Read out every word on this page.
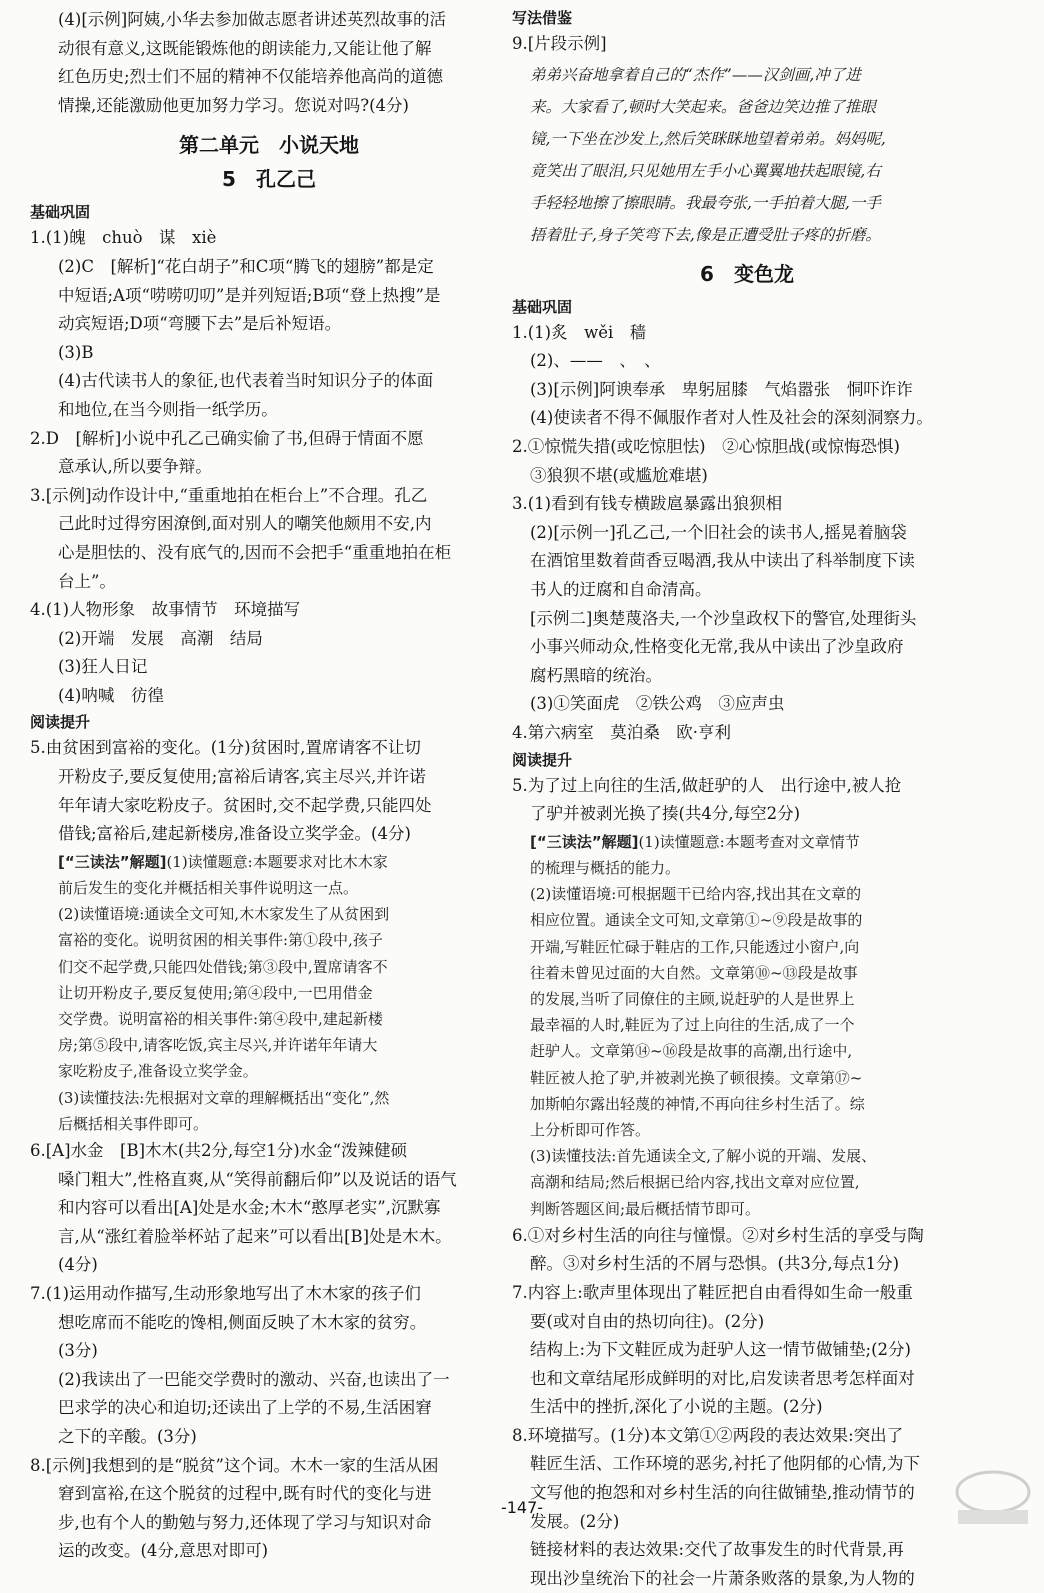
(4)[示例]阿姨,小华去参加做志愿者讲述英烈故事的活
动很有意义,这既能锻炼他的朗读能力,又能让他了解
红色历史;烈士们不屈的精神不仅能培养他高尚的道德
情操,还能激励他更加努力学习。您说对吗?(4分)
第二单元　小说天地
5　孔乙己
基础巩固
1.(1)魄　chuò　谋　xiè
(2)C　[解析]“花白胡子”和C项“腾飞的翅膀”都是定
中短语;A项“唠唠叨叨”是并列短语;B项“登上热搜”是
动宾短语;D项“弯腰下去”是后补短语。
(3)B
(4)古代读书人的象征,也代表着当时知识分子的体面
和地位,在当今则指一纸学历。
2.D　[解析]小说中孔乙己确实偷了书,但碍于情面不愿
意承认,所以要争辩。
3.[示例]动作设计中,“重重地拍在柜台上”不合理。孔乙
己此时过得穷困潦倒,面对别人的嘲笑他颇用不安,内
心是胆怯的、没有底气的,因而不会把手“重重地拍在柜
台上”。
4.(1)人物形象　故事情节　环境描写
(2)开端　发展　高潮　结局
(3)狂人日记
(4)呐喊　彷徨
阅读提升
5.由贫困到富裕的变化。(1分)贫困时,置席请客不让切
开粉皮子,要反复使用;富裕后请客,宾主尽兴,并许诺
年年请大家吃粉皮子。贫困时,交不起学费,只能四处
借钱;富裕后,建起新楼房,准备设立奖学金。(4分)
[“三读法”解题](1)读懂题意:本题要求对比木木家
前后发生的变化并概括相关事件说明这一点。
(2)读懂语境:通读全文可知,木木家发生了从贫困到
富裕的变化。说明贫困的相关事件:第①段中,孩子
们交不起学费,只能四处借钱;第③段中,置席请客不
让切开粉皮子,要反复使用;第④段中,一巴用借金
交学费。说明富裕的相关事件:第④段中,建起新楼
房;第⑤段中,请客吃饭,宾主尽兴,并许诺年年请大
家吃粉皮子,准备设立奖学金。
(3)读懂技法:先根据对文章的理解概括出“变化”,然
后概括相关事件即可。
6.[A]水金　[B]木木(共2分,每空1分)水金“泼辣健硕
嗓门粗大”,性格直爽,从“笑得前翻后仰”以及说话的语气
和内容可以看出[A]处是水金;木木“憨厚老实”,沉默寡
言,从“涨红着脸举杯站了起来”可以看出[B]处是木木。
(4分)
7.(1)运用动作描写,生动形象地写出了木木家的孩子们
想吃席而不能吃的馋相,侧面反映了木木家的贫穷。
(3分)
(2)我读出了一巴能交学费时的激动、兴奋,也读出了一
巴求学的决心和迫切;还读出了上学的不易,生活困窘
之下的辛酸。(3分)
8.[示例]我想到的是“脱贫”这个词。木木一家的生活从困
窘到富裕,在这个脱贫的过程中,既有时代的变化与进
步,也有个人的勤勉与努力,还体现了学习与知识对命
运的改变。(4分,意思对即可)
写法借鉴
9.[片段示例]
弟弟兴奋地拿着自己的“杰作”——汉剑画,冲了进
来。大家看了,顿时大笑起来。爸爸边笑边推了推眼
镜,一下坐在沙发上,然后笑眯眯地望着弟弟。妈妈呢,
竟笑出了眼泪,只见她用左手小心翼翼地扶起眼镜,右
手轻轻地擦了擦眼睛。我最夸张,一手拍着大腿,一手
捂着肚子,身子笑弯下去,像是正遭受肚子疼的折磨。
6　变色龙
基础巩固
1.(1)炙　wěi　穑
(2)、——　、　、
(3)[示例]阿谀奉承　卑躬屈膝　气焰嚣张　恫吓诈诈
(4)使读者不得不佩服作者对人性及社会的深刻洞察力。
2.①惊慌失措(或吃惊胆怯)　②心惊胆战(或惊悔恐惧)
③狼狈不堪(或尴尬难堪)
3.(1)看到有钱专横跋扈暴露出狼狈相
(2)[示例一]孔乙己,一个旧社会的读书人,摇晃着脑袋
在酒馆里数着茴香豆喝酒,我从中读出了科举制度下读
书人的迂腐和自命清高。
[示例二]奥楚蔑洛夫,一个沙皇政权下的警官,处理街头
小事兴师动众,性格变化无常,我从中读出了沙皇政府
腐朽黑暗的统治。
(3)①笑面虎　②铁公鸡　③应声虫
4.第六病室　莫泊桑　欧·亨利
阅读提升
5.为了过上向往的生活,做赶驴的人　出行途中,被人抢
了驴并被剥光换了揍(共4分,每空2分)
[“三读法”解题](1)读懂题意:本题考查对文章情节
的梳理与概括的能力。
(2)读懂语境:可根据题干已给内容,找出其在文章的
相应位置。通读全文可知,文章第①~⑨段是故事的
开端,写鞋匠忙碌于鞋店的工作,只能透过小窗户,向
往着未曾见过面的大自然。文章第⑩~⑬段是故事
的发展,当听了同僚住的主顾,说赶驴的人是世界上
最幸福的人时,鞋匠为了过上向往的生活,成了一个
赶驴人。文章第⑭~⑯段是故事的高潮,出行途中,
鞋匠被人抢了驴,并被剥光换了顿很揍。文章第⑰~
加斯帕尔露出轻蔑的神情,不再向往乡村生活了。综
上分析即可作答。
(3)读懂技法:首先通读全文,了解小说的开端、发展、
高潮和结局;然后根据已给内容,找出文章对应位置,
判断答题区间;最后概括情节即可。
6.①对乡村生活的向往与憧憬。②对乡村生活的享受与陶
醉。③对乡村生活的不屑与恐惧。(共3分,每点1分)
7.内容上:歌声里体现出了鞋匠把自由看得如生命一般重
要(或对自由的热切向往)。(2分)
结构上:为下文鞋匠成为赶驴人这一情节做铺垫;(2分)
也和文章结尾形成鲜明的对比,启发读者思考怎样面对
生活中的挫折,深化了小说的主题。(2分)
8.环境描写。(1分)本文第①②两段的表达效果:突出了
鞋匠生活、工作环境的恶劣,衬托了他阴郁的心情,为下
文写他的抱怨和对乡村生活的向往做铺垫,推动情节的
发展。(2分)
链接材料的表达效果:交代了故事发生的时代背景,再
现出沙皇统治下的社会一片萧条败落的景象,为人物的
-147-
